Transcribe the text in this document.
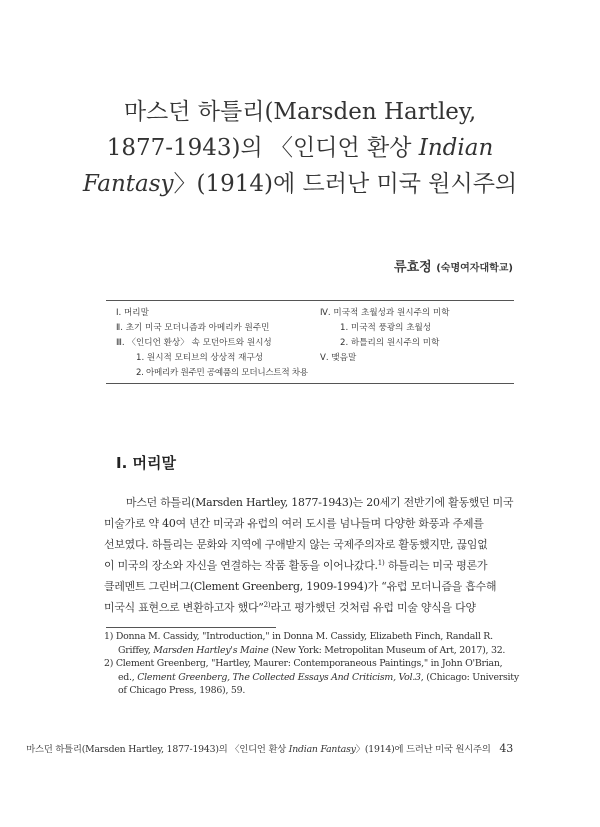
마스던 하틀리(Marsden Hartley,
1877-1943)의 〈인디언 환상 Indian
Fantasy〉(1914)에 드러난 미국 원시주의
류효정 (숙명여자대학교)
Ⅰ. 머리말
Ⅱ. 초기 미국 모더니즘과 아메리카 원주민
Ⅲ. 〈인디언 환상〉 속 모던아트와 원시성
1. 원시적 모티브의 상상적 재구성
2. 아메리카 원주민 공예품의 모더니스트적 차용
Ⅳ. 미국적 초월성과 원시주의 미학
1. 미국적 풍광의 초월성
2. 하틀리의 원시주의 미학
Ⅴ. 맺음말
Ⅰ. 머리말
마스던 하틀리(Marsden Hartley, 1877-1943)는 20세기 전반기에 활동했던 미국
미술가로 약 40여 년간 미국과 유럽의 여러 도시를 넘나들며 다양한 화풍과 주제를
선보였다. 하틀리는 문화와 지역에 구애받지 않는 국제주의자로 활동했지만, 끊임없
이 미국의 장소와 자신을 연결하는 작품 활동을 이어나갔다.$^{1)}$ 하틀리는 미국 평론가
클레멘트 그린버그(Clement Greenberg, 1909-1994)가 “유럽 모더니즘을 흡수해
미국식 표현으로 변환하고자 했다”$^{2)}$라고 평가했던 것처럼 유럽 미술 양식을 다양
1) Donna M. Cassidy, "Introduction," in Donna M. Cassidy, Elizabeth Finch, Randall R.
Griffey, Marsden Hartley's Maine (New York: Metropolitan Museum of Art, 2017), 32.
2) Clement Greenberg, "Hartley, Maurer: Contemporaneous Paintings," in John O'Brian,
ed., Clement Greenberg, The Collected Essays And Criticism, Vol.3, (Chicago: University
of Chicago Press, 1986), 59.
마스던 하틀리(Marsden Hartley, 1877-1943)의 〈인디언 환상 Indian Fantasy〉(1914)에 드러난 미국 원시주의 43
